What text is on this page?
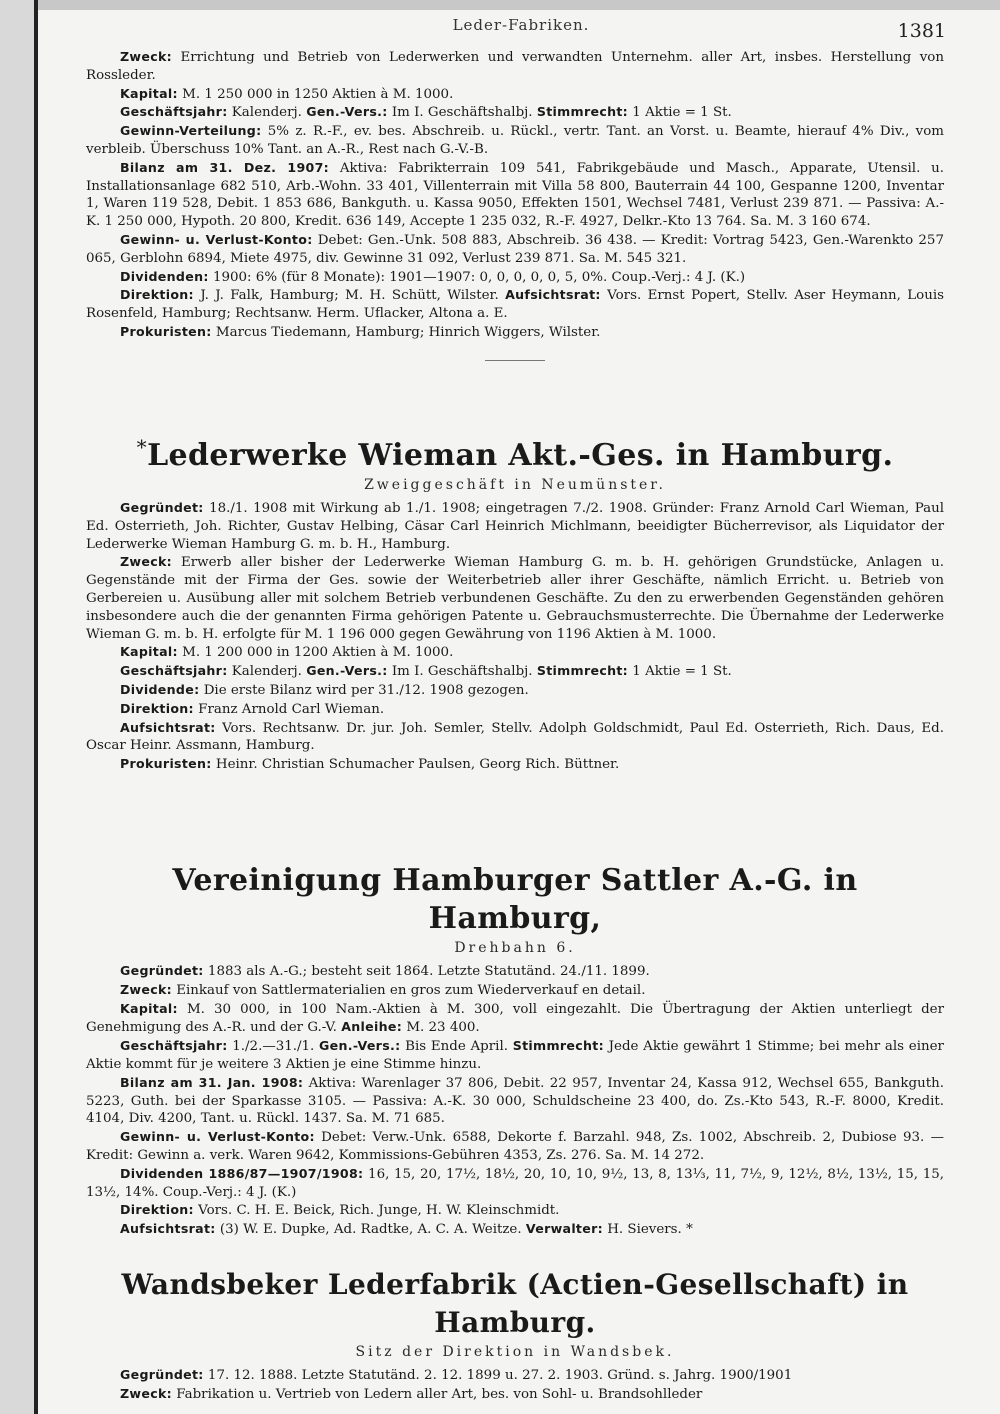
Leder-Fabriken.	1381

Zweck: Errichtung und Betrieb von Lederwerken und verwandten Unternehm. aller Art, insbes. Herstellung von Rossleder.

Kapital: M. 1 250 000 in 1250 Aktien à M. 1000.

Geschäftsjahr: Kalenderj. Gen.-Vers.: Im I. Geschäftshalbj. Stimmrecht: 1 Aktie = 1 St.

Gewinn-Verteilung: 5% z. R.-F., ev. bes. Abschreib. u. Rückl., vertr. Tant. an Vorst. u. Beamte, hierauf 4% Div., vom verbleib. Überschuss 10% Tant. an A.-R., Rest nach G.-V.-B.

Bilanz am 31. Dez. 1907: Aktiva: Fabrikterrain 109 541, Fabrikgebäude und Masch., Apparate, Utensil. u. Installationsanlage 682 510, Arb.-Wohn. 33 401, Villenterrain mit Villa 58 800, Bauterrain 44 100, Gespanne 1200, Inventar 1, Waren 119 528, Debit. 1 853 686, Bankguth. u. Kassa 9050, Effekten 1501, Wechsel 7481, Verlust 239 871. — Passiva: A.-K. 1 250 000, Hypoth. 20 800, Kredit. 636 149, Accepte 1 235 032, R.-F. 4927, Delkr.-Kto 13 764. Sa. M. 3 160 674.

Gewinn- u. Verlust-Konto: Debet: Gen.-Unk. 508 883, Abschreib. 36 438. — Kredit: Vortrag 5423, Gen.-Warenkto 257 065, Gerblohn 6894, Miete 4975, div. Gewinne 31 092, Verlust 239 871. Sa. M. 545 321.

Dividenden: 1900: 6% (für 8 Monate): 1901—1907: 0, 0, 0, 0, 0, 5, 0%. Coup.-Verj.: 4 J. (K.)

Direktion: J. J. Falk, Hamburg; M. H. Schütt, Wilster. Aufsichtsrat: Vors. Ernst Popert, Stellv. Aser Heymann, Louis Rosenfeld, Hamburg; Rechtsanw. Herm. Uflacker, Altona a. E.

Prokuristen: Marcus Tiedemann, Hamburg; Hinrich Wiggers, Wilster.

*Lederwerke Wieman Akt.-Ges. in Hamburg.

Zweiggeschäft in Neumünster.

Gegründet: 18./1. 1908 mit Wirkung ab 1./1. 1908; eingetragen 7./2. 1908. Gründer: Franz Arnold Carl Wieman, Paul Ed. Osterrieth, Joh. Richter, Gustav Helbing, Cäsar Carl Heinrich Michlmann, beeidigter Bücherrevisor, als Liquidator der Lederwerke Wieman Hamburg G. m. b. H., Hamburg.

Zweck: Erwerb aller bisher der Lederwerke Wieman Hamburg G. m. b. H. gehörigen Grundstücke, Anlagen u. Gegenstände mit der Firma der Ges. sowie der Weiterbetrieb aller ihrer Geschäfte, nämlich Erricht. u. Betrieb von Gerbereien u. Ausübung aller mit solchem Betrieb verbundenen Geschäfte. Zu den zu erwerbenden Gegenständen gehören insbesondere auch die der genannten Firma gehörigen Patente u. Gebrauchsmusterrechte. Die Übernahme der Lederwerke Wieman G. m. b. H. erfolgte für M. 1 196 000 gegen Gewährung von 1196 Aktien à M. 1000.

Kapital: M. 1 200 000 in 1200 Aktien à M. 1000.

Geschäftsjahr: Kalenderj. Gen.-Vers.: Im I. Geschäftshalbj. Stimmrecht: 1 Aktie = 1 St.

Dividende: Die erste Bilanz wird per 31./12. 1908 gezogen.

Direktion: Franz Arnold Carl Wieman.

Aufsichtsrat: Vors. Rechtsanw. Dr. jur. Joh. Semler, Stellv. Adolph Goldschmidt, Paul Ed. Osterrieth, Rich. Daus, Ed. Oscar Heinr. Assmann, Hamburg.

Prokuristen: Heinr. Christian Schumacher Paulsen, Georg Rich. Büttner.

Vereinigung Hamburger Sattler A.-G. in Hamburg,

Drehbahn 6.

Gegründet: 1883 als A.-G.; besteht seit 1864. Letzte Statutänd. 24./11. 1899.

Zweck: Einkauf von Sattlermaterialien en gros zum Wiederverkauf en detail.

Kapital: M. 30 000, in 100 Nam.-Aktien à M. 300, voll eingezahlt. Die Übertragung der Aktien unterliegt der Genehmigung des A.-R. und der G.-V. Anleihe: M. 23 400.

Geschäftsjahr: 1./2.—31./1. Gen.-Vers.: Bis Ende April. Stimmrecht: Jede Aktie gewährt 1 Stimme; bei mehr als einer Aktie kommt für je weitere 3 Aktien je eine Stimme hinzu.

Bilanz am 31. Jan. 1908: Aktiva: Warenlager 37 806, Debit. 22 957, Inventar 24, Kassa 912, Wechsel 655, Bankguth. 5223, Guth. bei der Sparkasse 3105. — Passiva: A.-K. 30 000, Schuldscheine 23 400, do. Zs.-Kto 543, R.-F. 8000, Kredit. 4104, Div. 4200, Tant. u. Rückl. 1437. Sa. M. 71 685.

Gewinn- u. Verlust-Konto: Debet: Verw.-Unk. 6588, Dekorte f. Barzahl. 948, Zs. 1002, Abschreib. 2, Dubiose 93. — Kredit: Gewinn a. verk. Waren 9642, Kommissions-Gebühren 4353, Zs. 276. Sa. M. 14 272.

Dividenden 1886/87—1907/1908: 16, 15, 20, 17½, 18½, 20, 10, 10, 9½, 13, 8, 13⅓, 11, 7½, 9, 12½, 8½, 13½, 15, 15, 13½, 14%. Coup.-Verj.: 4 J. (K.)

Direktion: Vors. C. H. E. Beick, Rich. Junge, H. W. Kleinschmidt.

Aufsichtsrat: (3) W. E. Dupke, Ad. Radtke, A. C. A. Weitze. Verwalter: H. Sievers. *

Wandsbeker Lederfabrik (Actien-Gesellschaft) in Hamburg.

Sitz der Direktion in Wandsbek.

Gegründet: 17. 12. 1888. Letzte Statutänd. 2. 12. 1899 u. 27. 2. 1903. Gründ. s. Jahrg. 1900/1901

Zweck: Fabrikation u. Vertrieb von Ledern aller Art, bes. von Sohl- u. Brandsohlleder
